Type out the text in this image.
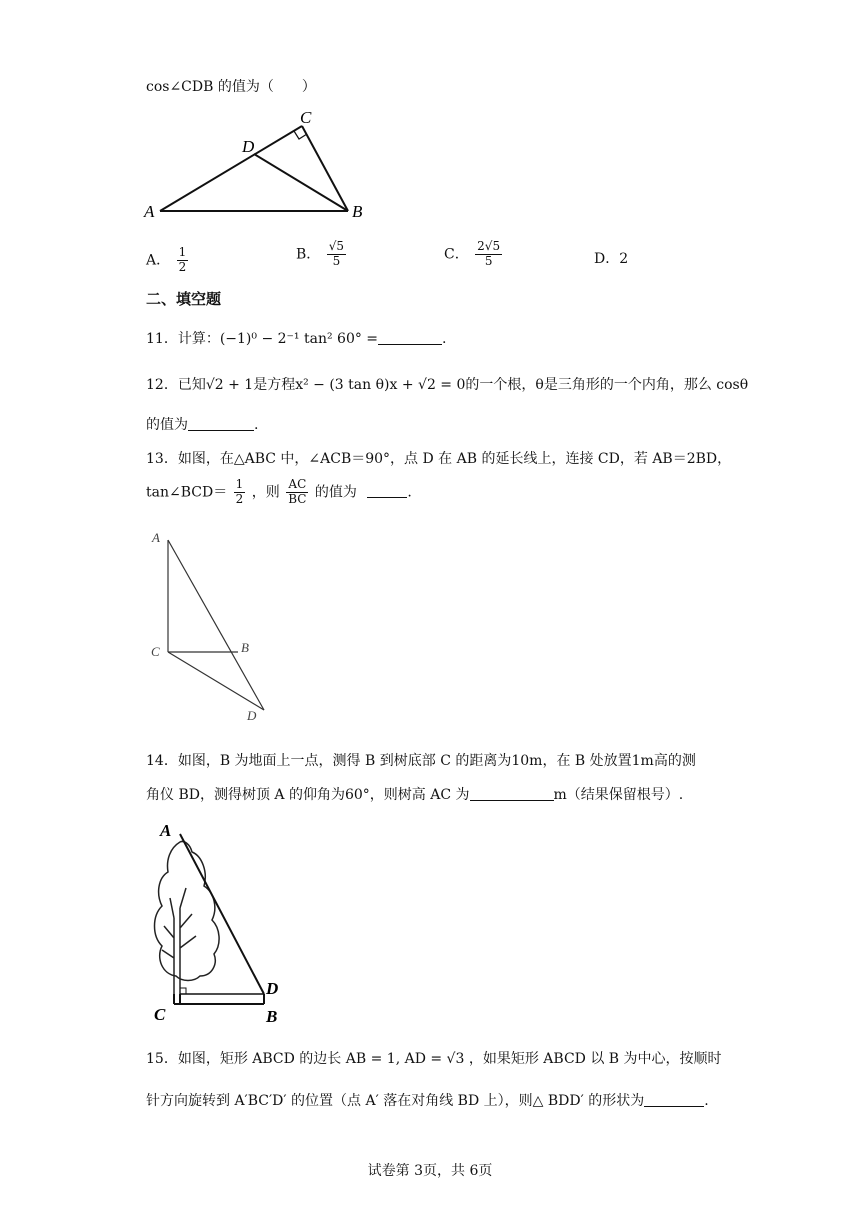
cos∠CDB 的值为（　　）
A	B
C
D
A． $\frac{1}{2}$	B． $\frac{√5}{5}$	C． $\frac{2√5}{5}$	D．2
二、填空题
11．计算：(−1)⁰ − 2⁻¹ tan² 60° =	.
12．已知√2 + 1是方程x² − (3 tan θ)x + √2 = 0的一个根，θ是三角形的一个内角，那么 cosθ
的值为	.
13．如图，在△ABC 中，∠ACB＝90°，点 D 在 AB 的延长线上，连接 CD，若 AB＝2BD，
tan∠BCD＝ $\frac{1}{2}$ ，则 $\frac{AC}{BC}$ 的值为	.
A
C	B
D
14．如图，B 为地面上一点，测得 B 到树底部 C 的距离为10m，在 B 处放置1m高的测
角仪 BD，测得树顶 A 的仰角为60°，则树高 AC 为	m（结果保留根号）.
A
C
D
B
15．如图，矩形 ABCD 的边长 AB = 1, AD = √3 ，如果矩形 ABCD 以 B 为中心，按顺时
针方向旋转到 A′BC′D′ 的位置（点 A′ 落在对角线 BD 上），则△ BDD′ 的形状为	.
试卷第 3页，共 6页
